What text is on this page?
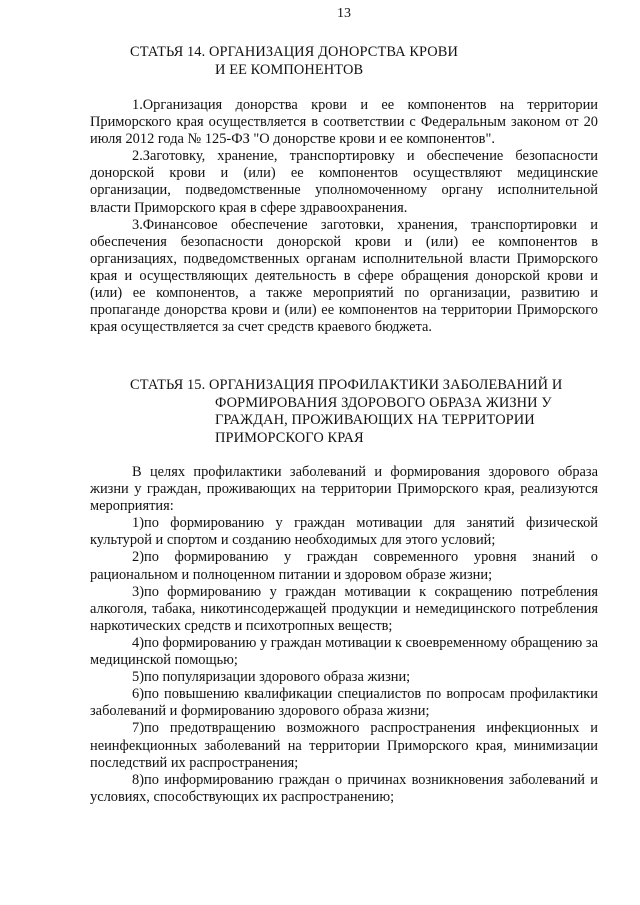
13
СТАТЬЯ 14. ОРГАНИЗАЦИЯ ДОНОРСТВА КРОВИ
И ЕЕ КОМПОНЕНТОВ

1.Организация донорства крови и ее компонентов на территории Приморского края осуществляется в соответствии с Федеральным законом от 20 июля 2012 года № 125-ФЗ "О донорстве крови и ее компонентов".

2.Заготовку, хранение, транспортировку и обеспечение безопасности донорской крови и (или) ее компонентов осуществляют медицинские организации, подведомственные уполномоченному органу исполнительной власти Приморского края в сфере здравоохранения.

3.Финансовое обеспечение заготовки, хранения, транспортировки и обеспечения безопасности донорской крови и (или) ее компонентов в организациях, подведомственных органам исполнительной власти Приморского края и осуществляющих деятельность в сфере обращения донорской крови и (или) ее компонентов, а также мероприятий по организации, развитию и пропаганде донорства крови и (или) ее компонентов на территории Приморского края осуществляется за счет средств краевого бюджета.

СТАТЬЯ 15. ОРГАНИЗАЦИЯ ПРОФИЛАКТИКИ ЗАБОЛЕВАНИЙ И
ФОРМИРОВАНИЯ ЗДОРОВОГО ОБРАЗА ЖИЗНИ У
ГРАЖДАН, ПРОЖИВАЮЩИХ НА ТЕРРИТОРИИ
ПРИМОРСКОГО КРАЯ

В целях профилактики заболеваний и формирования здорового образа жизни у граждан, проживающих на территории Приморского края, реализуются мероприятия:

1)по формированию у граждан мотивации для занятий физической культурой и спортом и созданию необходимых для этого условий;

2)по формированию у граждан современного уровня знаний о рациональном и полноценном питании и здоровом образе жизни;

3)по формированию у граждан мотивации к сокращению потребления алкоголя, табака, никотинсодержащей продукции и немедицинского потребления наркотических средств и психотропных веществ;

4)по формированию у граждан мотивации к своевременному обращению за медицинской помощью;

5)по популяризации здорового образа жизни;

6)по повышению квалификации специалистов по вопросам профилактики заболеваний и формированию здорового образа жизни;

7)по предотвращению возможного распространения инфекционных и неинфекционных заболеваний на территории Приморского края, минимизации последствий их распространения;

8)по информированию граждан о причинах возникновения заболеваний и условиях, способствующих их распространению;
